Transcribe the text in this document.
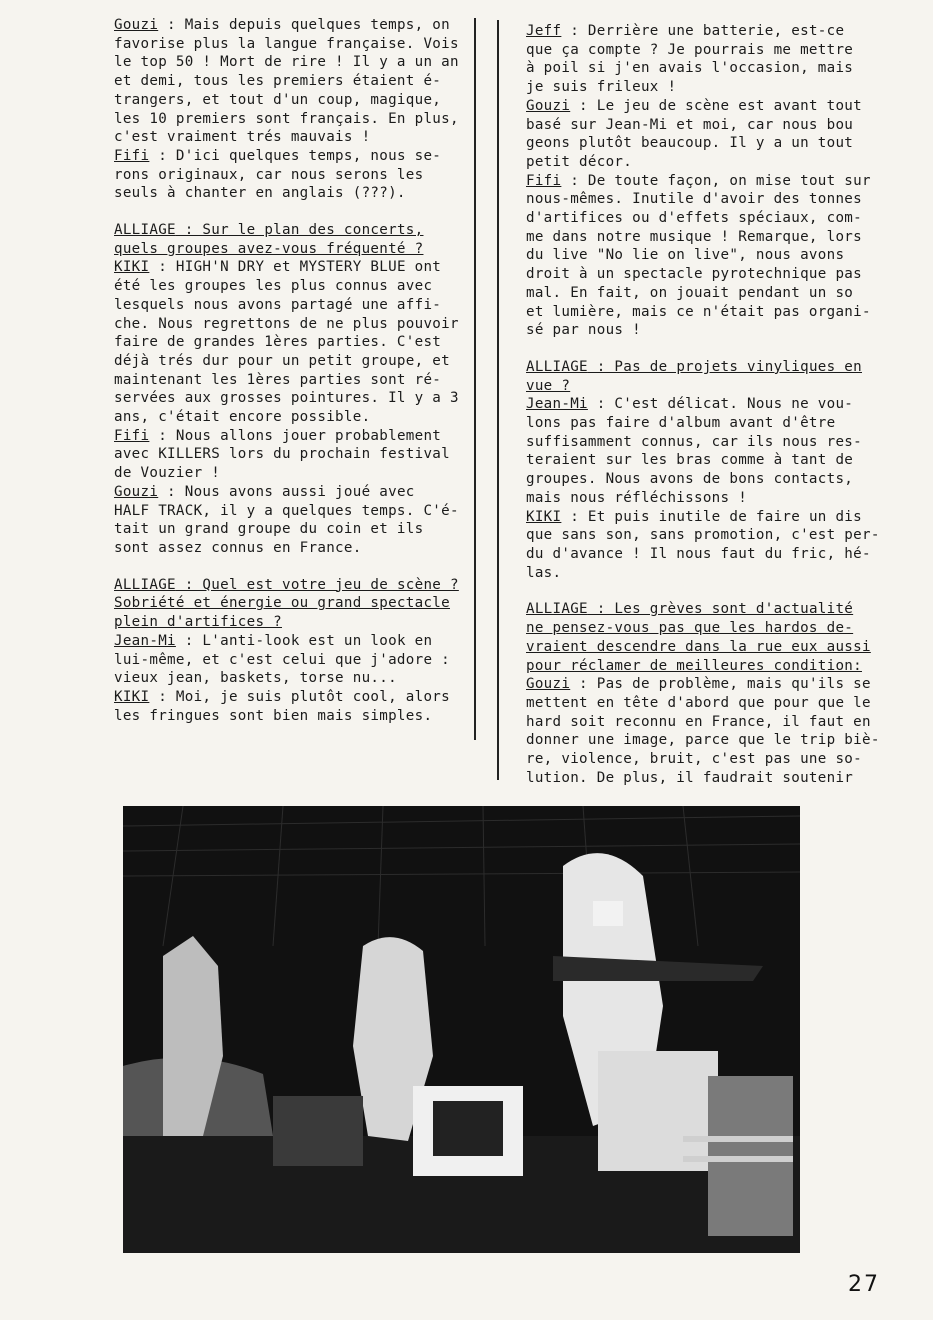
Gouzi : Mais depuis quelques temps, on
favorise plus la langue française. Vois
le top 50 ! Mort de rire ! Il y a un an
et demi, tous les premiers étaient é-
trangers, et tout d'un coup, magique,
les 10 premiers sont français. En plus,
c'est vraiment trés mauvais !
Fifi : D'ici quelques temps, nous se-
rons originaux, car nous serons les
seuls à chanter en anglais (???).
ALLIAGE : Sur le plan des concerts,
quels groupes avez-vous fréquenté ?
KIKI : HIGH'N DRY et MYSTERY BLUE ont
été les groupes les plus connus avec
lesquels nous avons partagé une affi-
che. Nous regrettons de ne plus pouvoir
faire de grandes 1ères parties. C'est
déjà trés dur pour un petit groupe, et
maintenant les 1ères parties sont ré-
servées aux grosses pointures. Il y a 3
ans, c'était encore possible.
Fifi : Nous allons jouer probablement
avec KILLERS lors du prochain festival
de Vouzier !
Gouzi : Nous avons aussi joué avec
HALF TRACK, il y a quelques temps. C'é-
tait un grand groupe du coin et ils
sont assez connus en France.
ALLIAGE : Quel est votre jeu de scène ?
Sobriété et énergie ou grand spectacle
plein d'artifices ?
Jean-Mi : L'anti-look est un look en
lui-même, et c'est celui que j'adore :
vieux jean, baskets, torse nu...
KIKI : Moi, je suis plutôt cool, alors
les fringues sont bien mais simples.
Jeff : Derrière une batterie, est-ce
que ça compte ? Je pourrais me mettre
à poil si j'en avais l'occasion, mais
je suis frileux !
Gouzi : Le jeu de scène est avant tout
basé sur Jean-Mi et moi, car nous bou
geons plutôt beaucoup. Il y a un tout
petit décor.
Fifi : De toute façon, on mise tout sur
nous-mêmes. Inutile d'avoir des tonnes
d'artifices ou d'effets spéciaux, com-
me dans notre musique ! Remarque, lors
du live "No lie on live", nous avons
droit à un spectacle pyrotechnique pas
mal. En fait, on jouait pendant un so
et lumière, mais ce n'était pas organi-
sé par nous !
ALLIAGE : Pas de projets vinyliques en
vue ?
Jean-Mi : C'est délicat. Nous ne vou-
lons pas faire d'album avant d'être
suffisamment connus, car ils nous res-
teraient sur les bras comme à tant de
groupes. Nous avons de bons contacts,
mais nous réfléchissons !
KIKI : Et puis inutile de faire un dis
que sans son, sans promotion, c'est per-
du d'avance ! Il nous faut du fric, hé-
las.
ALLIAGE : Les grèves sont d'actualité
ne pensez-vous pas que les hardos de-
vraient descendre dans la rue eux aussi
pour réclamer de meilleures condition:
Gouzi : Pas de problème, mais qu'ils se
mettent en tête d'abord que pour que le
hard soit reconnu en France, il faut en
donner une image, parce que le trip biè-
re, violence, bruit, c'est pas une so-
lution. De plus, il faudrait soutenir
27
